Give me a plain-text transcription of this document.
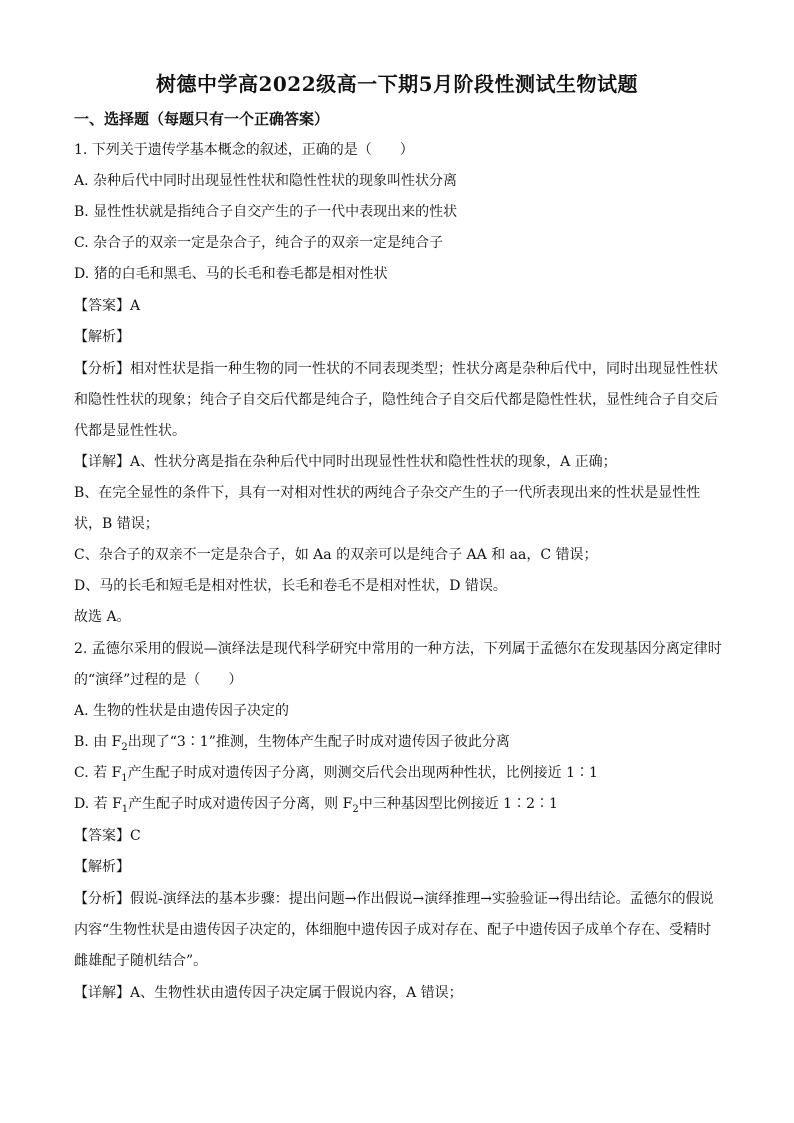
树德中学高2022级高一下期5月阶段性测试生物试题
一、选择题（每题只有一个正确答案）
1. 下列关于遗传学基本概念的叙述，正确的是（　　）
A. 杂种后代中同时出现显性性状和隐性性状的现象叫性状分离
B. 显性性状就是指纯合子自交产生的子一代中表现出来的性状
C. 杂合子的双亲一定是杂合子，纯合子的双亲一定是纯合子
D. 猪的白毛和黑毛、马的长毛和卷毛都是相对性状
【答案】A
【解析】
【分析】相对性状是指一种生物的同一性状的不同表现类型；性状分离是杂种后代中，同时出现显性性状
和隐性性状的现象；纯合子自交后代都是纯合子，隐性纯合子自交后代都是隐性性状，显性纯合子自交后
代都是显性性状。
【详解】A、性状分离是指在杂种后代中同时出现显性性状和隐性性状的现象，A 正确；
B、在完全显性的条件下，具有一对相对性状的两纯合子杂交产生的子一代所表现出来的性状是显性性
状，B 错误；
C、杂合子的双亲不一定是杂合子，如 Aa 的双亲可以是纯合子 AA 和 aa，C 错误；
D、马的长毛和短毛是相对性状，长毛和卷毛不是相对性状，D 错误。
故选 A。
2. 孟德尔采用的假说—演绎法是现代科学研究中常用的一种方法，下列属于孟德尔在发现基因分离定律时
的“演绎”过程的是（　　）
A. 生物的性状是由遗传因子决定的
B. 由 $F_2$出现了“3∶1”推测，生物体产生配子时成对遗传因子彼此分离
C. 若 $F_1$产生配子时成对遗传因子分离，则测交后代会出现两种性状，比例接近 1∶1
D. 若 $F_1$产生配子时成对遗传因子分离，则 $F_2$中三种基因型比例接近 1∶2∶1
【答案】C
【解析】
【分析】假说-演绎法的基本步骤：提出问题→作出假说→演绎推理→实验验证→得出结论。孟德尔的假说
内容“生物性状是由遗传因子决定的，体细胞中遗传因子成对存在、配子中遗传因子成单个存在、受精时
雌雄配子随机结合”。
【详解】A、生物性状由遗传因子决定属于假说内容，A 错误；
